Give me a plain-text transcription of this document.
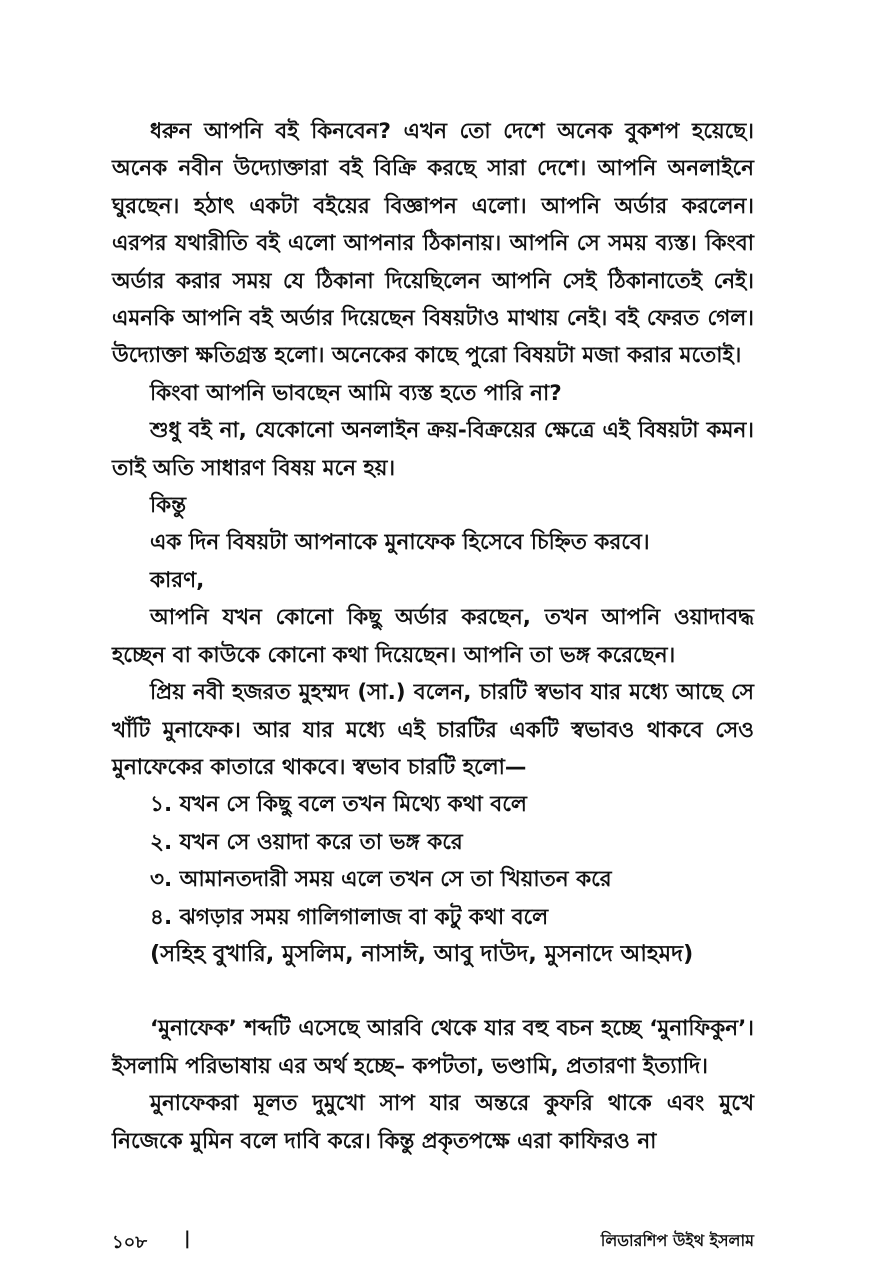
ধরুন আপনি বই কিনবেন? এখন তো দেশে অনেক বুকশপ হয়েছে। অনেক নবীন উদ্যোক্তারা বই বিক্রি করছে সারা দেশে। আপনি অনলাইনে ঘুরছেন। হঠাৎ একটা বইয়ের বিজ্ঞাপন এলো। আপনি অর্ডার করলেন। এরপর যথারীতি বই এলো আপনার ঠিকানায়। আপনি সে সময় ব্যস্ত। কিংবা অর্ডার করার সময় যে ঠিকানা দিয়েছিলেন আপনি সেই ঠিকানাতেই নেই। এমনকি আপনি বই অর্ডার দিয়েছেন বিষয়টাও মাথায় নেই। বই ফেরত গেল। উদ্যোক্তা ক্ষতিগ্রস্ত হলো। অনেকের কাছে পুরো বিষয়টা মজা করার মতোই।

কিংবা আপনি ভাবছেন আমি ব্যস্ত হতে পারি না?

শুধু বই না, যেকোনো অনলাইন ক্রয়-বিক্রয়ের ক্ষেত্রে এই বিষয়টা কমন। তাই অতি সাধারণ বিষয় মনে হয়।

কিন্তু

এক দিন বিষয়টা আপনাকে মুনাফেক হিসেবে চিহ্নিত করবে।

কারণ,

আপনি যখন কোনো কিছু অর্ডার করছেন, তখন আপনি ওয়াদাবদ্ধ হচ্ছেন বা কাউকে কোনো কথা দিয়েছেন। আপনি তা ভঙ্গ করেছেন।

প্রিয় নবী হজরত মুহম্মদ (সা.) বলেন, চারটি স্বভাব যার মধ্যে আছে সে খাঁটি মুনাফেক। আর যার মধ্যে এই চারটির একটি স্বভাবও থাকবে সেও মুনাফেকের কাতারে থাকবে। স্বভাব চারটি হলো—

১. যখন সে কিছু বলে তখন মিথ্যে কথা বলে

২. যখন সে ওয়াদা করে তা ভঙ্গ করে

৩. আমানতদারী সময় এলে তখন সে তা খিয়াতন করে

৪. ঝগড়ার সময় গালিগালাজ বা কটু কথা বলে

(সহিহ বুখারি, মুসলিম, নাসাঈ, আবু দাউদ, মুসনাদে আহমদ)

‘মুনাফেক’ শব্দটি এসেছে আরবি থেকে যার বহু বচন হচ্ছে ‘মুনাফিকুন’। ইসলামি পরিভাষায় এর অর্থ হচ্ছে– কপটতা, ভণ্ডামি, প্রতারণা ইত্যাদি।

মুনাফেকরা মূলত দুমুখো সাপ যার অন্তরে কুফরি থাকে এবং মুখে নিজেকে মুমিন বলে দাবি করে। কিন্তু প্রকৃতপক্ষে এরা কাফিরও না

১০৮ |	লিডারশিপ উইথ ইসলাম
